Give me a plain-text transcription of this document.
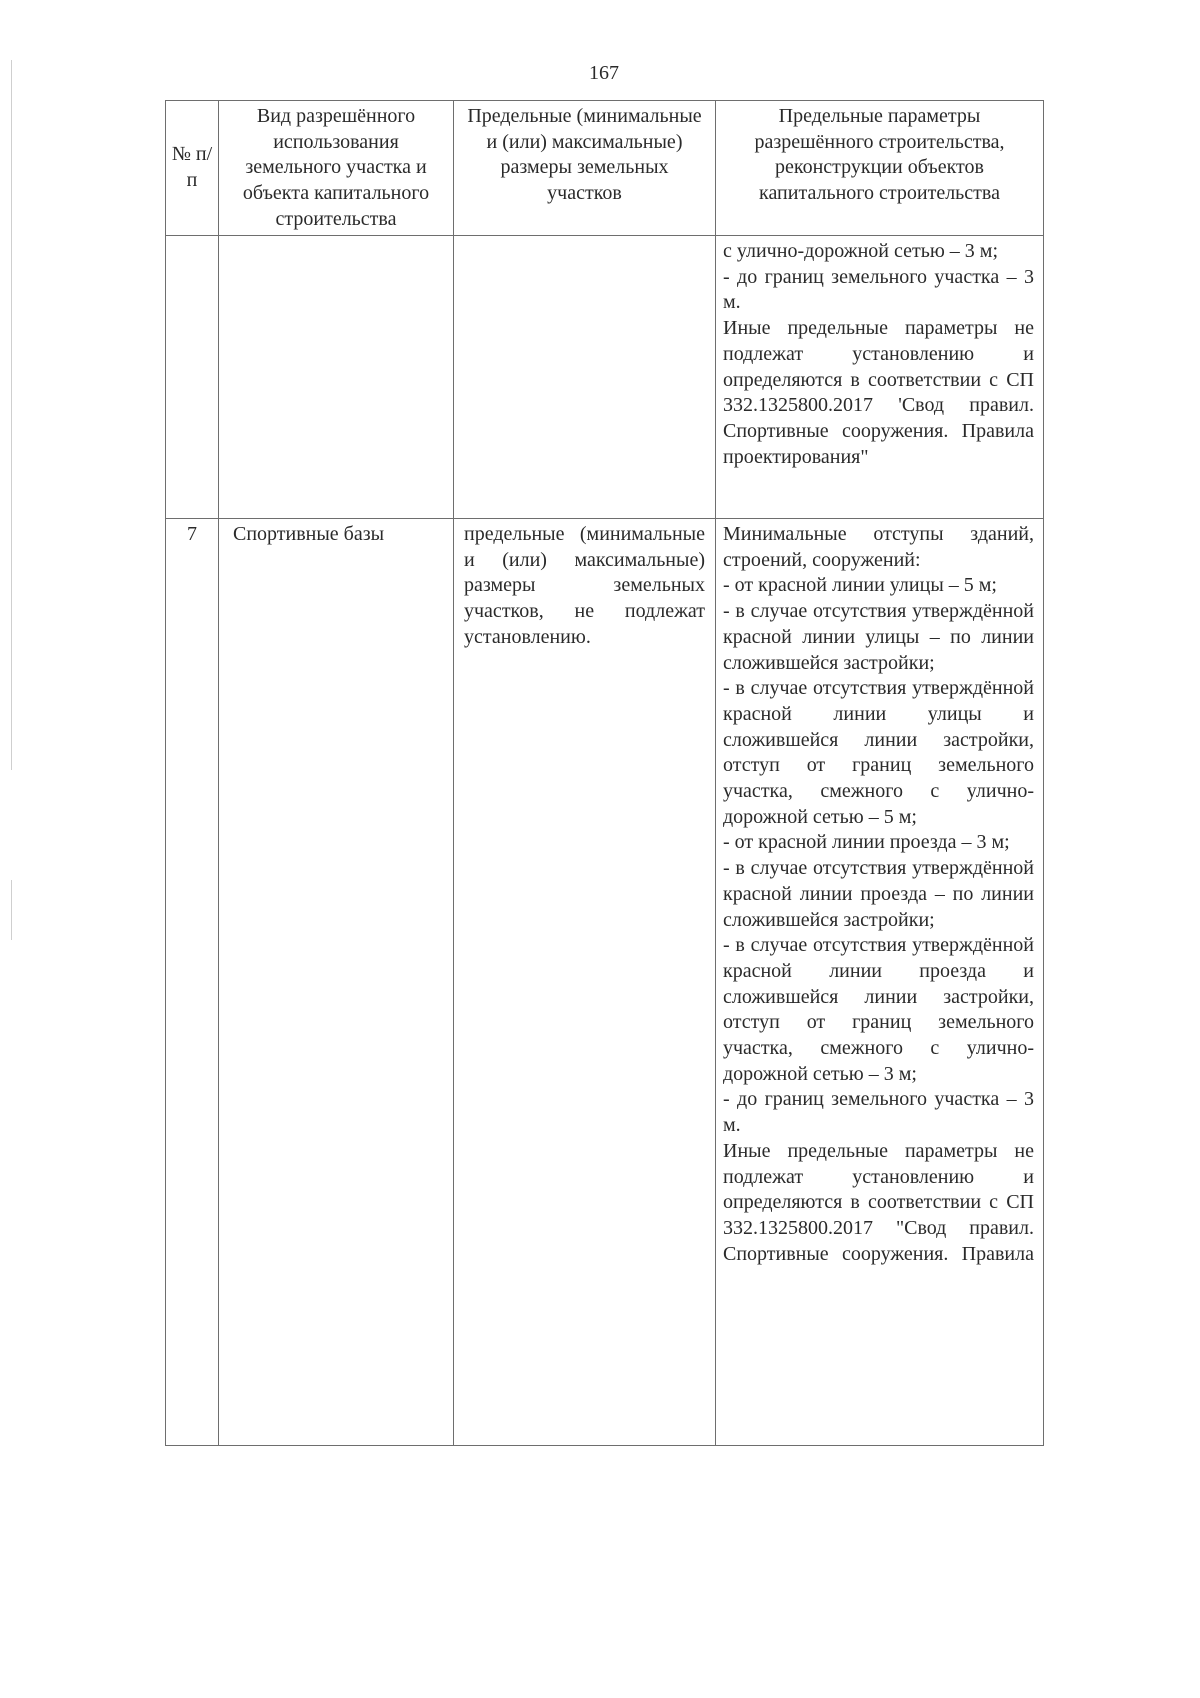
167
№ п/п
Вид разрешённого использования земельного участка и объекта капитального строительства
Предельные (минимальные и (или) максимальные) размеры земельных участков
Предельные параметры разрешённого строительства, реконструкции объектов капитального строительства

с улично-дорожной сетью – 3 м;

- до границ земельного участка – 3 м.

Иные предельные параметры не подлежат установлению и определяются в соответствии с СП 332.1325800.2017 'Свод правил. Спортивные сооружения. Правила проектирования"

7	Спортивные базы	предельные (минимальные и (или) максимальные) размеры земельных участков, не подлежат установлению.

Минимальные отступы зданий, строений, сооружений:

- от красной линии улицы – 5 м;

- в случае отсутствия утверждённой красной линии улицы – по линии сложившейся застройки;

- в случае отсутствия утверждённой красной линии улицы и сложившейся линии застройки, отступ от границ земельного участка, смежного с улично-дорожной сетью – 5 м;

- от красной линии проезда – 3 м;

- в случае отсутствия утверждённой красной линии проезда – по линии сложившейся застройки;

- в случае отсутствия утверждённой красной линии проезда и сложившейся линии застройки, отступ от границ земельного участка, смежного с улично-дорожной сетью – 3 м;

- до границ земельного участка – 3 м.

Иные предельные параметры не подлежат установлению и определяются в соответствии с СП 332.1325800.2017 "Свод правил. Спортивные сооружения. Правила
